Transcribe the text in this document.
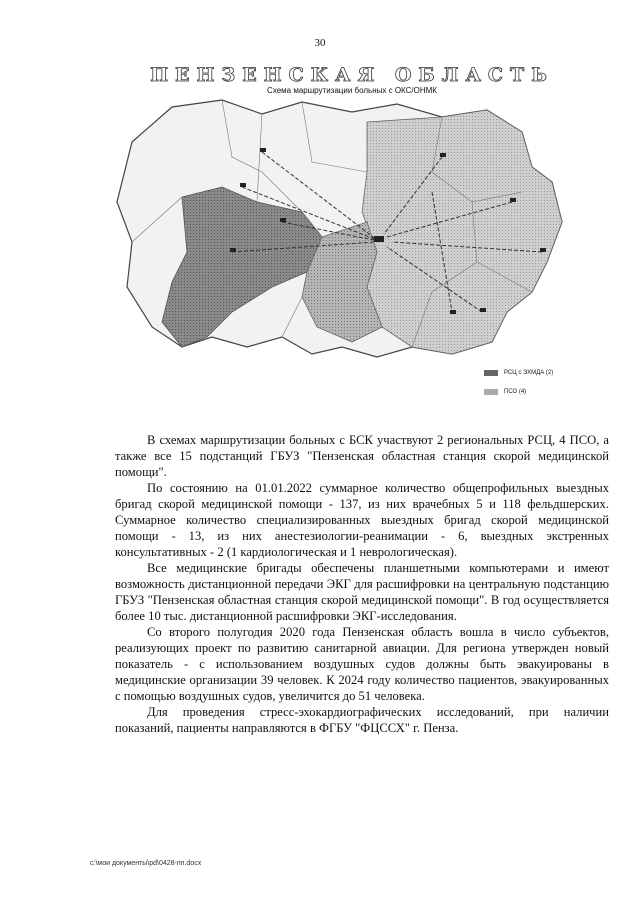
30
ПЕНЗЕНСКАЯ ОБЛАСТЬ
Схема маршрутизации больных с ОКС/ОНМК
РСЦ с ЭХМДА (2)
ПСО (4)

В схемах маршрутизации больных с БСК участвуют 2 региональных РСЦ, 4 ПСО, а также все 15 подстанций ГБУЗ "Пензенская областная станция скорой медицинской помощи".

По состоянию на 01.01.2022 суммарное количество общепрофильных выездных бригад скорой медицинской помощи - 137, из них врачебных 5 и 118 фельдшерских. Суммарное количество специализированных выездных бригад скорой медицинской помощи - 13, из них анестезиологии-реанимации - 6, выездных экстренных консультативных - 2 (1 кардиологическая и 1 неврологическая).

Все медицинские бригады обеспечены планшетными компьютерами и имеют возможность дистанционной передачи ЭКГ для расшифровки на центральную подстанцию ГБУЗ "Пензенская областная станция скорой медицинской помощи". В год осуществляется более 10 тыс. дистанционной расшифровки ЭКГ-исследования.

Со второго полугодия 2020 года Пензенская область вошла в число субъектов, реализующих проект по развитию санитарной авиации. Для региона утвержден новый показатель - с использованием воздушных судов должны быть эвакуированы в медицинские организации 39 человек. К 2024 году количество пациентов, эвакуированных с помощью воздушных судов, увеличится до 51 человека.

Для проведения стресс-эхокардиографических исследований, при наличии показаний, пациенты направляются в ФГБУ "ФЦССХ" г. Пенза.

c:\мои документы\pd\0428-пп.docx
